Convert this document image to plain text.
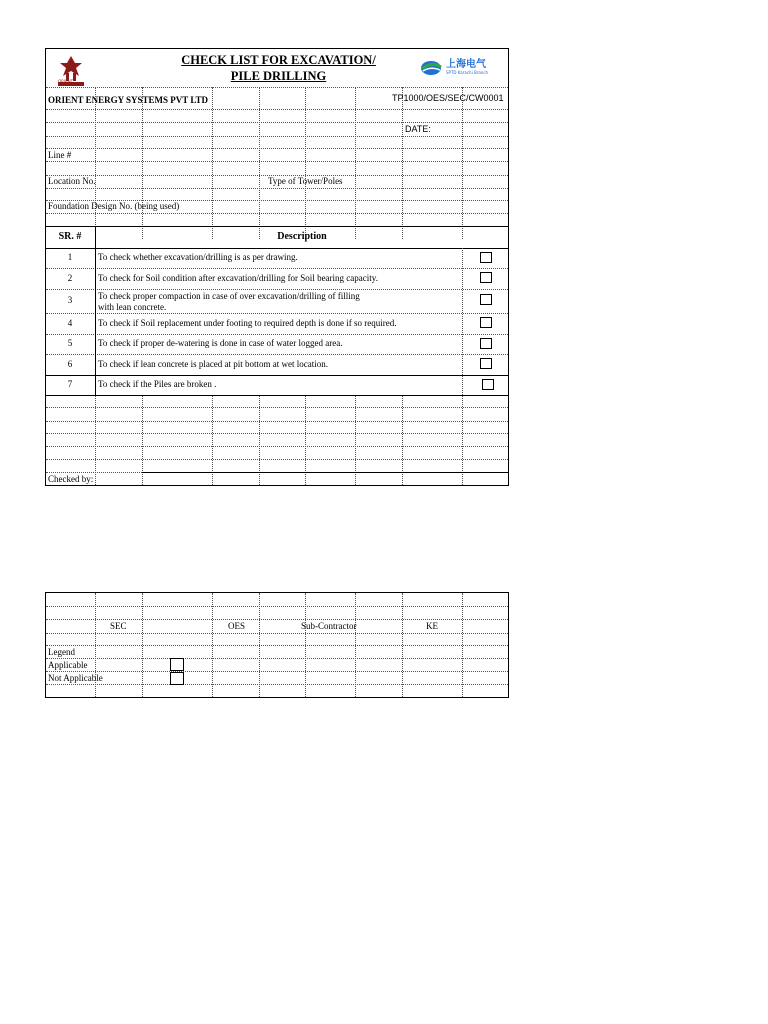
上海电气
SPTD Karachi Branch
ORIENT
CHECK LIST FOR EXCAVATION/
PILE DRILLING
ORIENT ENERGY SYSTEMS PVT LTD	TP1000/OES/SEC/CW0001
DATE:
Line #
Location No.	Type of Tower/Poles
Foundation Design No. (being used)
SR. #	Description
1	To check whether excavation/drilling is as per drawing.
2	To check for Soil condition after excavation/drilling for Soil bearing capacity.
3	To check proper compaction in case of over excavation/drilling of filling
with lean concrete.
4	To check if Soil replacement under footing to required depth is done if so required.
5	To check if proper de-watering is done in case of water logged area.
6	To check if lean concrete is placed at pit bottom at wet location.
7	To check if the Piles are broken .
Checked by:
SEC	OES	Sub-Contractor	KE
Legend
Applicable
Not Applicable
